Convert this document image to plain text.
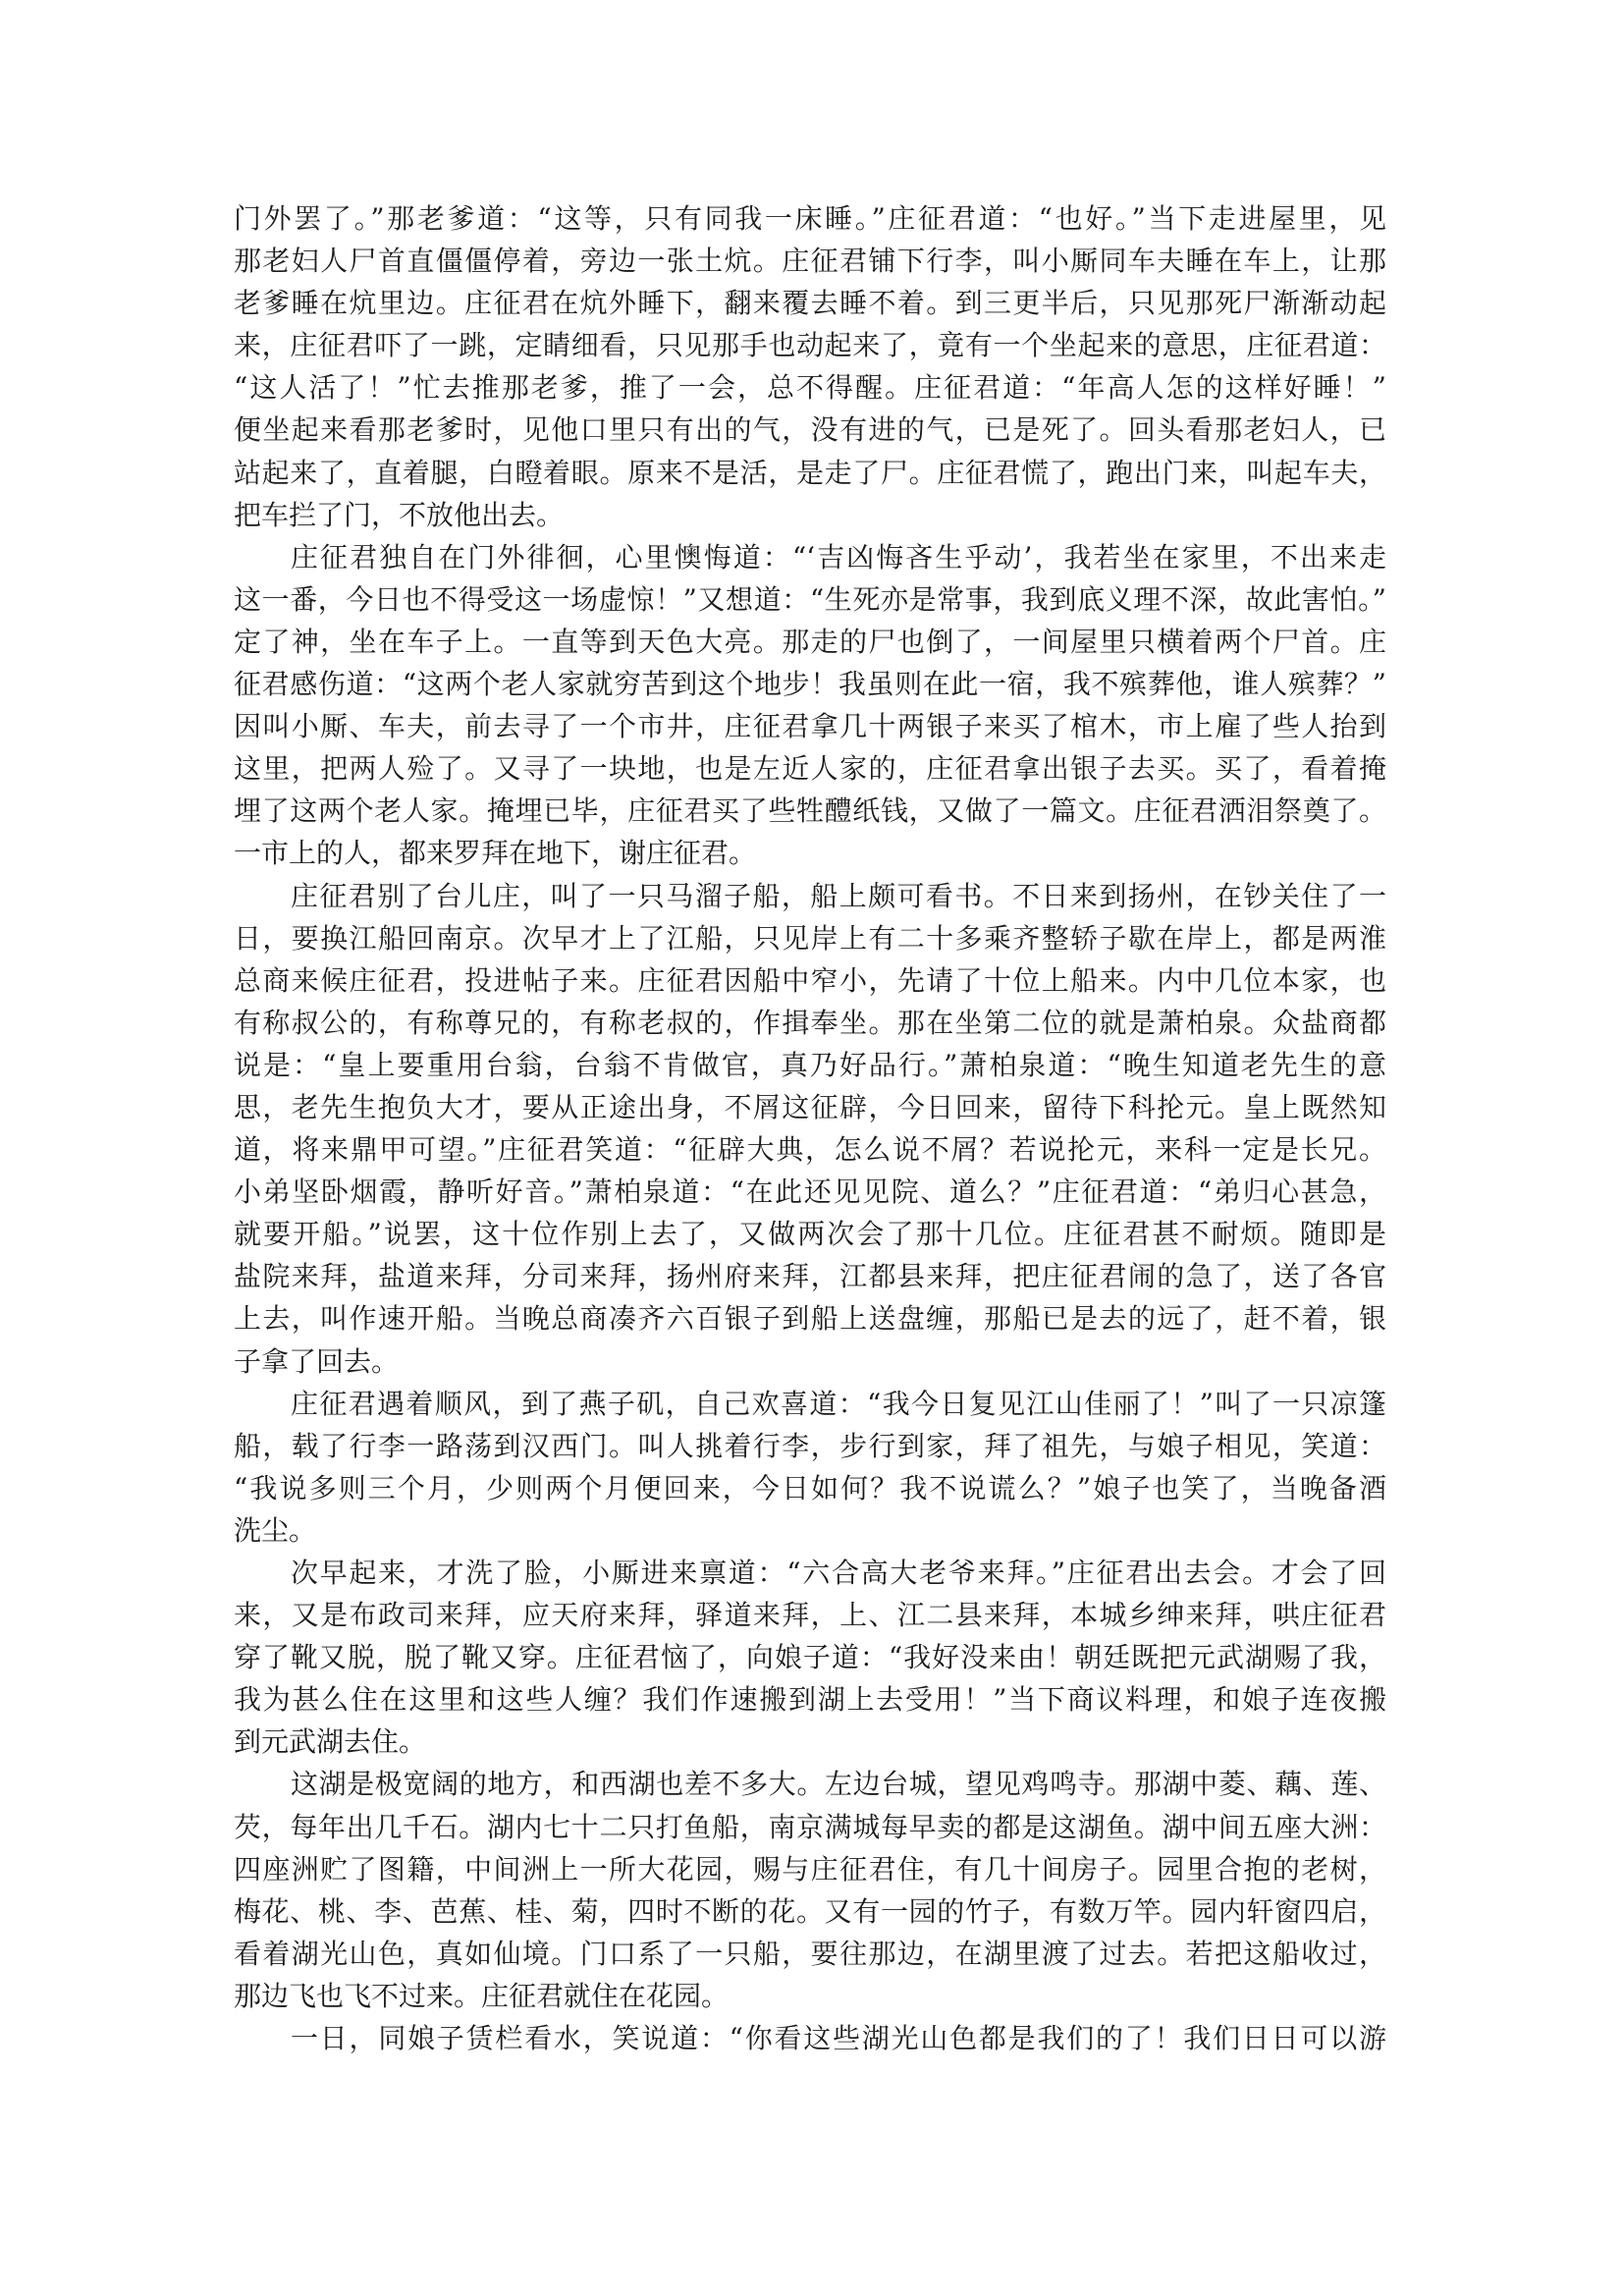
门外罢了。”那老爹道：“这等，只有同我一床睡。”庄征君道：“也好。”当下走进屋里，见
那老妇人尸首直僵僵停着，旁边一张土炕。庄征君铺下行李，叫小厮同车夫睡在车上，让那
老爹睡在炕里边。庄征君在炕外睡下，翻来覆去睡不着。到三更半后，只见那死尸渐渐动起
来，庄征君吓了一跳，定睛细看，只见那手也动起来了，竟有一个坐起来的意思，庄征君道：
“这人活了！”忙去推那老爹，推了一会，总不得醒。庄征君道：“年高人怎的这样好睡！”
便坐起来看那老爹时，见他口里只有出的气，没有进的气，已是死了。回头看那老妇人，已
站起来了，直着腿，白瞪着眼。原来不是活，是走了尸。庄征君慌了，跑出门来，叫起车夫，
把车拦了门，不放他出去。
庄征君独自在门外徘徊，心里懊悔道：“‘吉凶悔吝生乎动’，我若坐在家里，不出来走
这一番，今日也不得受这一场虚惊！”又想道：“生死亦是常事，我到底义理不深，故此害怕。”
定了神，坐在车子上。一直等到天色大亮。那走的尸也倒了，一间屋里只横着两个尸首。庄
征君感伤道：“这两个老人家就穷苦到这个地步！我虽则在此一宿，我不殡葬他，谁人殡葬？”
因叫小厮、车夫，前去寻了一个市井，庄征君拿几十两银子来买了棺木，市上雇了些人抬到
这里，把两人殓了。又寻了一块地，也是左近人家的，庄征君拿出银子去买。买了，看着掩
埋了这两个老人家。掩埋已毕，庄征君买了些牲醴纸钱，又做了一篇文。庄征君洒泪祭奠了。
一市上的人，都来罗拜在地下，谢庄征君。
庄征君别了台儿庄，叫了一只马溜子船，船上颇可看书。不日来到扬州，在钞关住了一
日，要换江船回南京。次早才上了江船，只见岸上有二十多乘齐整轿子歇在岸上，都是两淮
总商来候庄征君，投进帖子来。庄征君因船中窄小，先请了十位上船来。内中几位本家，也
有称叔公的，有称尊兄的，有称老叔的，作揖奉坐。那在坐第二位的就是萧柏泉。众盐商都
说是：“皇上要重用台翁，台翁不肯做官，真乃好品行。”萧柏泉道：“晚生知道老先生的意
思，老先生抱负大才，要从正途出身，不屑这征辟，今日回来，留待下科抡元。皇上既然知
道，将来鼎甲可望。”庄征君笑道：“征辟大典，怎么说不屑？若说抡元，来科一定是长兄。
小弟坚卧烟霞，静听好音。”萧柏泉道：“在此还见见院、道么？”庄征君道：“弟归心甚急，
就要开船。”说罢，这十位作别上去了，又做两次会了那十几位。庄征君甚不耐烦。随即是
盐院来拜，盐道来拜，分司来拜，扬州府来拜，江都县来拜，把庄征君闹的急了，送了各官
上去，叫作速开船。当晚总商凑齐六百银子到船上送盘缠，那船已是去的远了，赶不着，银
子拿了回去。
庄征君遇着顺风，到了燕子矶，自己欢喜道：“我今日复见江山佳丽了！”叫了一只凉篷
船，载了行李一路荡到汉西门。叫人挑着行李，步行到家，拜了祖先，与娘子相见，笑道：
“我说多则三个月，少则两个月便回来，今日如何？我不说谎么？”娘子也笑了，当晚备酒
洗尘。
次早起来，才洗了脸，小厮进来禀道：“六合高大老爷来拜。”庄征君出去会。才会了回
来，又是布政司来拜，应天府来拜，驿道来拜，上、江二县来拜，本城乡绅来拜，哄庄征君
穿了靴又脱，脱了靴又穿。庄征君恼了，向娘子道：“我好没来由！朝廷既把元武湖赐了我，
我为甚么住在这里和这些人缠？我们作速搬到湖上去受用！”当下商议料理，和娘子连夜搬
到元武湖去住。
这湖是极宽阔的地方，和西湖也差不多大。左边台城，望见鸡鸣寺。那湖中菱、藕、莲、
芡，每年出几千石。湖内七十二只打鱼船，南京满城每早卖的都是这湖鱼。湖中间五座大洲：
四座洲贮了图籍，中间洲上一所大花园，赐与庄征君住，有几十间房子。园里合抱的老树，
梅花、桃、李、芭蕉、桂、菊，四时不断的花。又有一园的竹子，有数万竿。园内轩窗四启，
看着湖光山色，真如仙境。门口系了一只船，要往那边，在湖里渡了过去。若把这船收过，
那边飞也飞不过来。庄征君就住在花园。
一日，同娘子赁栏看水，笑说道：“你看这些湖光山色都是我们的了！我们日日可以游
